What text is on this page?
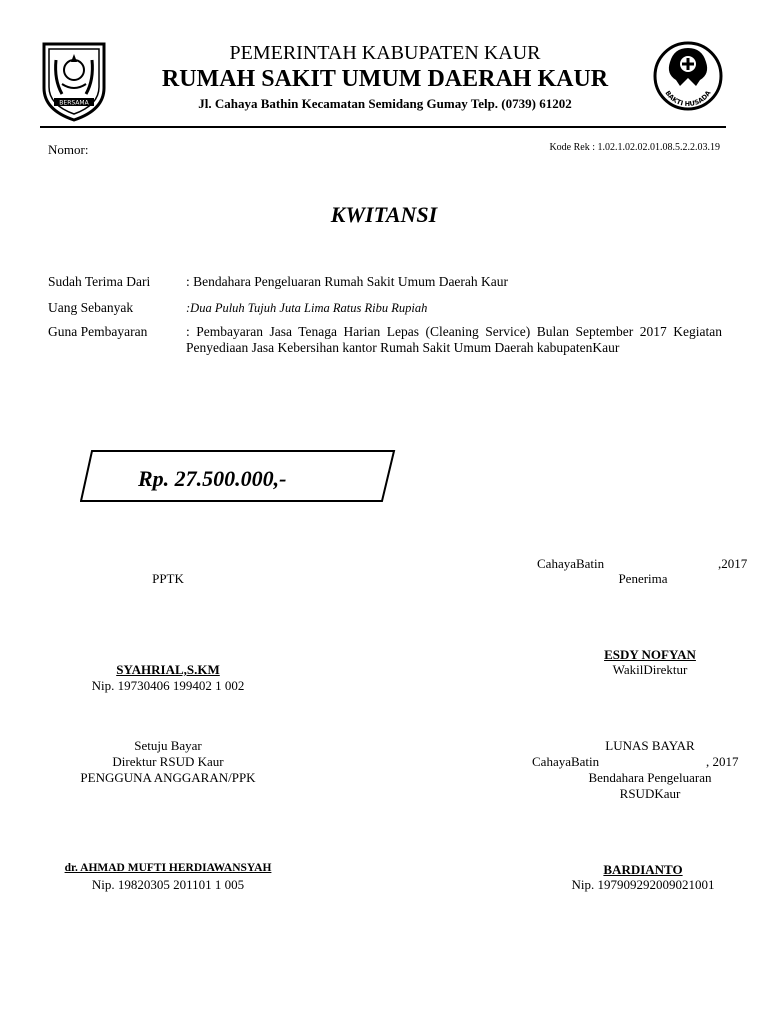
BERSAMA
PEMERINTAH KABUPATEN KAUR
RUMAH SAKIT UMUM DAERAH KAUR
Jl. Cahaya Bathin Kecamatan Semidang Gumay Telp. (0739) 61202
BAKTI HUSADA
Nomor:	Kode Rek : 1.02.1.02.02.01.08.5.2.2.03.19
KWITANSI
Sudah Terima Dari	: Bendahara Pengeluaran Rumah Sakit Umum Daerah Kaur
Uang Sebanyak	:Dua Puluh Tujuh Juta Lima Ratus Ribu Rupiah
Guna Pembayaran	: Pembayaran Jasa Tenaga Harian Lepas (Cleaning Service) Bulan September 2017 Kegiatan Penyediaan Jasa Kebersihan kantor Rumah Sakit Umum Daerah kabupatenKaur
Rp. 27.500.000,-
CahayaBatin	,2017
PPTK	Penerima
SYAHRIAL,S.KM
Nip. 19730406 199402 1 002
ESDY NOFYAN
WakilDirektur
Setuju Bayar
Direktur RSUD Kaur
PENGGUNA ANGGARAN/PPK
LUNAS BAYAR
CahayaBatin	, 2017
Bendahara Pengeluaran
RSUDKaur
dr. AHMAD MUFTI HERDIAWANSYAH
Nip. 19820305 201101 1 005
BARDIANTO
Nip. 197909292009021001
